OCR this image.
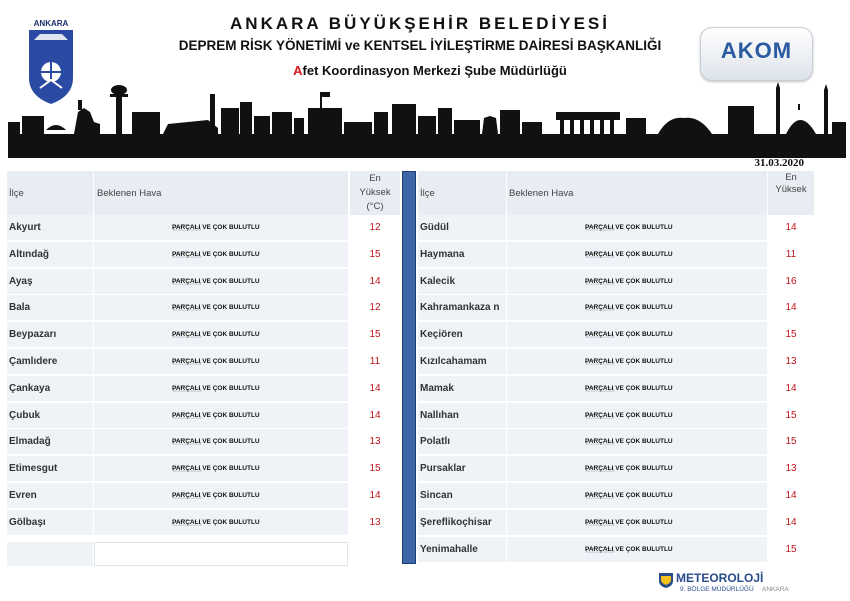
ANKARA	ANKARA BÜYÜKŞEHİR BELEDİYESİ
DEPREM RİSK YÖNETİMİ ve KENTSEL İYİLEŞTİRME DAİRESİ BAŞKANLIĞI
Afet Koordinasyon Merkezi Şube Müdürlüğü
AKOM
31.03.2020
İlçe	Beklenen Hava
En Yüksek (°C)
İlçe	Beklenen Hava
En Yüksek
Akyurt	PARÇALI VE ÇOK BULUTLU	12
Altındağ	PARÇALI VE ÇOK BULUTLU	15
Ayaş	PARÇALI VE ÇOK BULUTLU	14
Bala	PARÇALI VE ÇOK BULUTLU	12
Beypazarı	PARÇALI VE ÇOK BULUTLU	15
Çamlıdere	PARÇALI VE ÇOK BULUTLU	11
Çankaya	PARÇALI VE ÇOK BULUTLU	14
Çubuk	PARÇALI VE ÇOK BULUTLU	14
Elmadağ	PARÇALI VE ÇOK BULUTLU	13
Etimesgut	PARÇALI VE ÇOK BULUTLU	15
Evren	PARÇALI VE ÇOK BULUTLU	14
Gölbaşı	PARÇALI VE ÇOK BULUTLU	13
Güdül	PARÇALI VE ÇOK BULUTLU	14
Haymana	PARÇALI VE ÇOK BULUTLU	11
Kalecik	PARÇALI VE ÇOK BULUTLU	16
Kahramankaza n	PARÇALI VE ÇOK BULUTLU	14
Keçiören	PARÇALI VE ÇOK BULUTLU	15
Kızılcahamam	PARÇALI VE ÇOK BULUTLU	13
Mamak	PARÇALI VE ÇOK BULUTLU	14
Nallıhan	PARÇALI VE ÇOK BULUTLU	15
Polatlı	PARÇALI VE ÇOK BULUTLU	15
Pursaklar	PARÇALI VE ÇOK BULUTLU	13
Sincan	PARÇALI VE ÇOK BULUTLU	14
Şereflikoçhisar	PARÇALI VE ÇOK BULUTLU	14
Yenimahalle	PARÇALI VE ÇOK BULUTLU	15
METEOROLOJİ
9. BÖLGE MÜDÜRLÜĞÜ ANKARA
